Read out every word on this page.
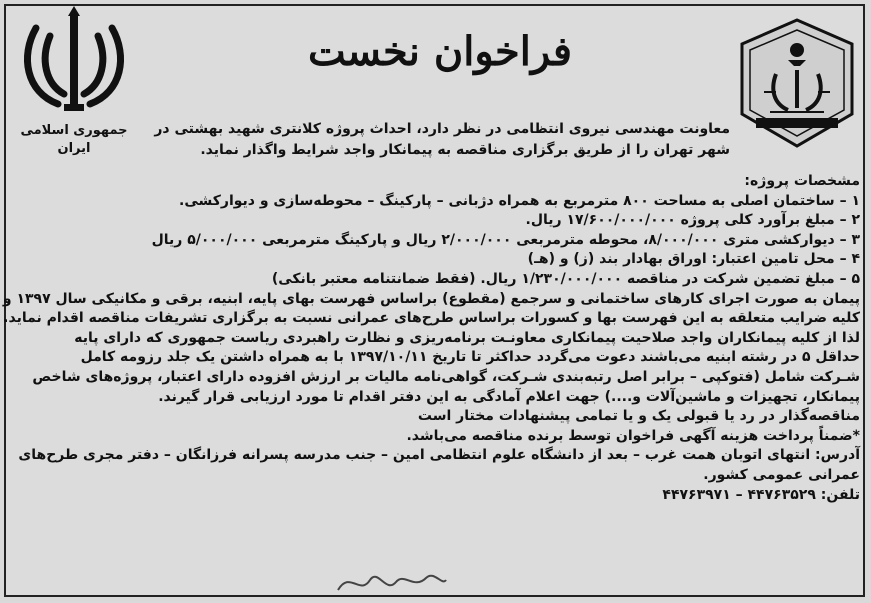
جمهوری اسلامی
ایران
فراخوان نخست
معاونت مهندسی نیروی انتظامی در نظر دارد، احداث پروژه کلانتری شهید بهشتی در
شهر تهران را از طریق برگزاری مناقصه به پیمانکار واجد شرایط واگذار نماید.
مشخصات پروژه:
۱ – ساختمان اصلی به مساحت ۸۰۰ مترمربع به همراه دژبانی – پارکینگ – محوطه‌سازی و دیوارکشی.
۲ – مبلغ برآورد کلی پروژه ۱۷/۶۰۰/۰۰۰/۰۰۰ ریال.
۳ – دیوارکشی متری ۸/۰۰۰/۰۰۰، محوطه مترمربعی ۲/۰۰۰/۰۰۰ ریال و پارکینگ مترمربعی ۵/۰۰۰/۰۰۰ ریال
۴ – محل تامین اعتبار: اوراق بهادار بند (ز) و (هـ)
۵ – مبلغ تضمین شرکت در مناقصه ۱/۲۳۰/۰۰۰/۰۰۰ ریال. (فقط ضمانتنامه معتبر بانکی)
پیمان به صورت اجرای کارهای ساختمانی و سرجمع (مقطوع) براساس فهرست بهای پایه، ابنیه، برقی و مکانیکی سال ۱۳۹۷ و
کلیه ضرایب متعلقه به این فهرست بها و کسورات براساس طرح‌های عمرانی نسبت به برگزاری تشریفات مناقصه اقدام نماید.
لذا از کلیه پیمانکاران واجد صلاحیت پیمانکاری معاونـت برنامه‌ریزی و نظارت راهبردی ریاست جمهوری که دارای پایه
حداقل ۵ در رشته ابنیه می‌باشند دعوت می‌گردد حداکثر تا تاریخ ۱۳۹۷/۱۰/۱۱ با به همراه داشتن یک جلد رزومه کامل
شـرکت شامل (فتوکپی – برابر اصل رتبه‌بندی شـرکت، گواهی‌نامه مالیات بر ارزش افزوده دارای اعتبار، پروژه‌های شاخص
پیمانکار، تجهیزات و ماشین‌آلات و....) جهت اعلام آمادگی به این دفتر اقدام تا مورد ارزیابی قرار گیرند.
مناقصه‌گذار در رد یا قبولی یک و یا تمامی پیشنهادات مختار است
*ضمناً پرداخت هزینه آگهی فراخوان توسط برنده مناقصه می‌باشد.
آدرس: انتهای اتوبان همت غرب – بعد از دانشگاه علوم انتظامی امین – جنب مدرسه پسرانه فرزانگان – دفتر مجری طرح‌های
عمرانی عمومی کشور.
تلفن: ۴۴۷۶۳۵۲۹ – ۴۴۷۶۳۹۷۱
